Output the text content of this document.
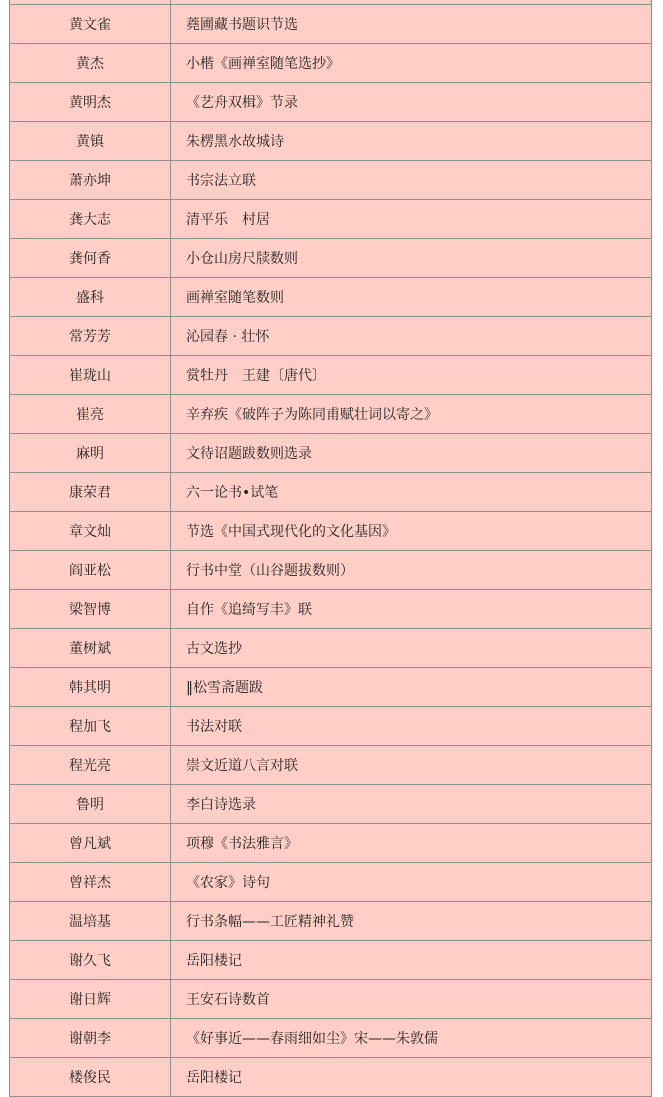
黄文雀	蕘圃藏书题识节选
黄杰	小楷《画禅室随笔选抄》
黄明杰	《艺舟双楫》节录
黄镇	朱楞黑水故城诗
萧亦坤	书宗法立联
龚大志	清平乐　村居
龚何香	小仓山房尺牍数则
盛科	画禅室随笔数则
常芳芳	沁园春 · 壮怀
崔珑山	赏牡丹　王建〔唐代〕
崔亮	辛弃疾《破阵子为陈同甫赋壮词以寄之》
麻明	文待诏题跋数则选录
康荣君	六一论书•试笔
章文灿	节选《中国式现代化的文化基因》
阎亚松	行书中堂（山谷题拔数则）
梁智博	自作《追绮写丰》联
董树斌	古文选抄
韩其明	‖松雪斋题跋
程加飞	书法对联
程光亮	崇文近道八言对联
鲁明	李白诗选录
曾凡斌	项穆《书法雅言》
曾祥杰	《农家》诗句
温培基	行书条幅——工匠精神礼赞
谢久飞	岳阳楼记
谢日辉	王安石诗数首
谢朝李	《好事近——春雨细如尘》宋——朱敦儒
楼俊民	岳阳楼记
